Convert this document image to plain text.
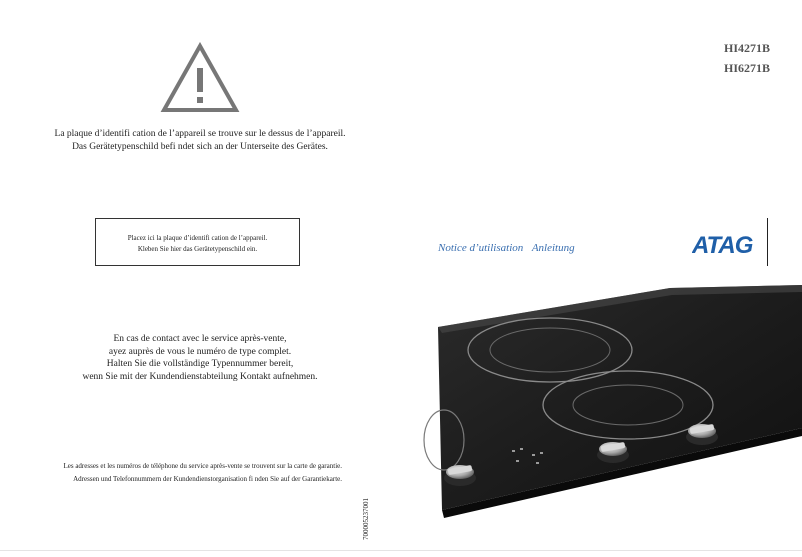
La plaque d’identifi cation de l’appareil se trouve sur le dessus de l’appareil.
Das Gerätetypenschild befi ndet sich an der Unterseite des Gerätes.
Placez ici la plaque d’identifi cation de l’appareil.
Kleben Sie hier das Gerätetypenschild ein.
En cas de contact avec le service après-vente,
ayez auprès de vous le numéro de type complet.
Halten Sie die vollständige Typennummer bereit,
wenn Sie mit der Kundendienstabteilung Kontakt aufnehmen.
Les adresses et les numéros de téléphone du service après-vente se trouvent sur la carte de garantie.
Adressen und Telefonnummern der Kundendienstorganisation fi nden Sie auf der Garantiekarte.
700005237001
HI4271B
HI6271B
Notice d’utilisation Anleitung	ATAG
